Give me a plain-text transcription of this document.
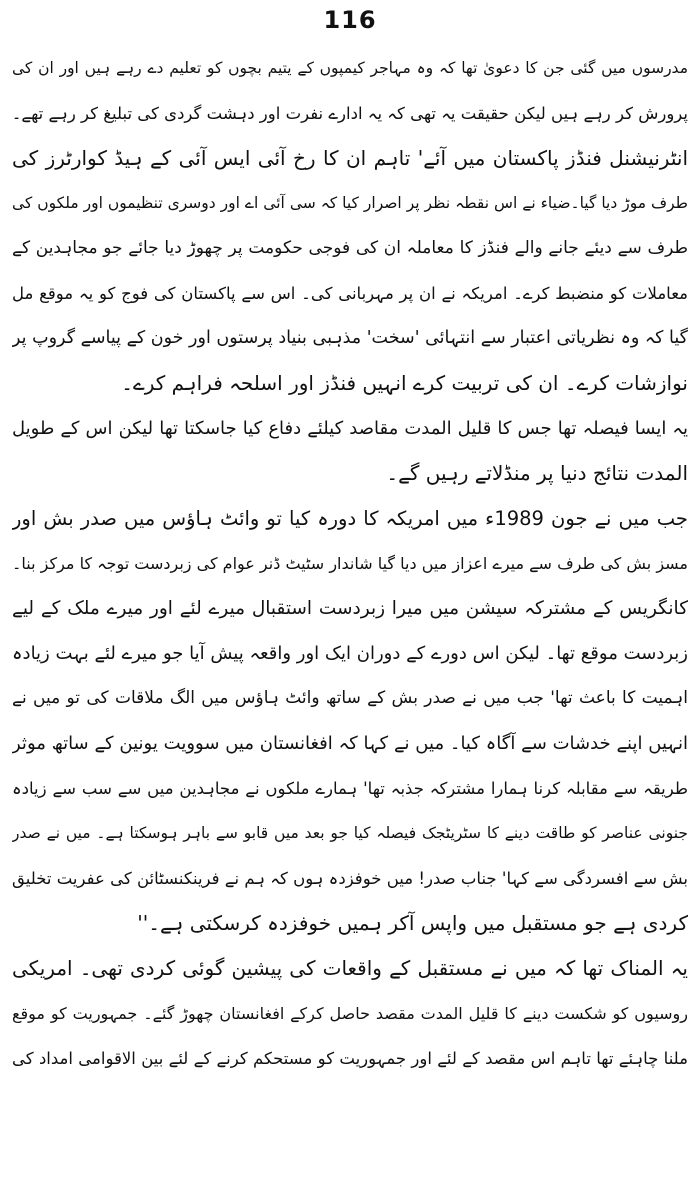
116
مدرسوں میں گئی جن کا دعویٰ تھا کہ وہ مہاجر کیمپوں کے یتیم بچوں کو تعلیم دے رہے ہیں اور ان کی
پرورش کر رہے ہیں لیکن حقیقت یہ تھی کہ یہ ادارے نفرت اور دہشت گردی کی تبلیغ کر رہے تھے۔
انٹرنیشنل فنڈز پاکستان میں آئے' تاہم ان کا رخ آئی ایس آئی کے ہیڈ کوارٹرز کی
طرف موڑ دیا گیا۔ضیاء نے اس نقطہ نظر پر اصرار کیا کہ سی آئی اے اور دوسری تنظیموں اور ملکوں کی
طرف سے دیئے جانے والے فنڈز کا معاملہ ان کی فوجی حکومت پر چھوڑ دیا جائے جو مجاہدین کے
معاملات کو منضبط کرے۔ امریکہ نے ان پر مہربانی کی۔ اس سے پاکستان کی فوج کو یہ موقع مل
گیا کہ وہ نظریاتی اعتبار سے انتہائی 'سخت' مذہبی بنیاد پرستوں اور خون کے پیاسے گروپ پر
نوازشات کرے۔ ان کی تربیت کرے انہیں فنڈز اور اسلحہ فراہم کرے۔
یہ ایسا فیصلہ تھا جس کا قلیل المدت مقاصد کیلئے دفاع کیا جاسکتا تھا لیکن اس کے طویل
المدت نتائج دنیا پر منڈلاتے رہیں گے۔
جب میں نے جون 1989ء میں امریکہ کا دورہ کیا تو وائٹ ہاؤس میں صدر بش اور
مسز بش کی طرف سے میرے اعزاز میں دیا گیا شاندار سٹیٹ ڈنر عوام کی زبردست توجہ کا مرکز بنا۔
کانگریس کے مشترکہ سیشن میں میرا زبردست استقبال میرے لئے اور میرے ملک کے لیے
زبردست موقع تھا۔ لیکن اس دورے کے دوران ایک اور واقعہ پیش آیا جو میرے لئے بہت زیادہ
اہمیت کا باعث تھا' جب میں نے صدر بش کے ساتھ وائٹ ہاؤس میں الگ ملاقات کی تو میں نے
انہیں اپنے خدشات سے آگاہ کیا۔ میں نے کہا کہ افغانستان میں سوویت یونین کے ساتھ موثر
طریقہ سے مقابلہ کرنا ہمارا مشترکہ جذبہ تھا' ہمارے ملکوں نے مجاہدین میں سے سب سے زیادہ
جنونی عناصر کو طاقت دینے کا سٹریٹجک فیصلہ کیا جو بعد میں قابو سے باہر ہوسکتا ہے۔ میں نے صدر
بش سے افسردگی سے کہا' جناب صدر! میں خوفزدہ ہوں کہ ہم نے فرینکنسٹائن کی عفریت تخلیق
کردی ہے جو مستقبل میں واپس آکر ہمیں خوفزدہ کرسکتی ہے۔''
یہ المناک تھا کہ میں نے مستقبل کے واقعات کی پیشین گوئی کردی تھی۔ امریکی
روسیوں کو شکست دینے کا قلیل المدت مقصد حاصل کرکے افغانستان چھوڑ گئے۔ جمہوریت کو موقع
ملنا چاہئے تھا تاہم اس مقصد کے لئے اور جمہوریت کو مستحکم کرنے کے لئے بین الاقوامی امداد کی
